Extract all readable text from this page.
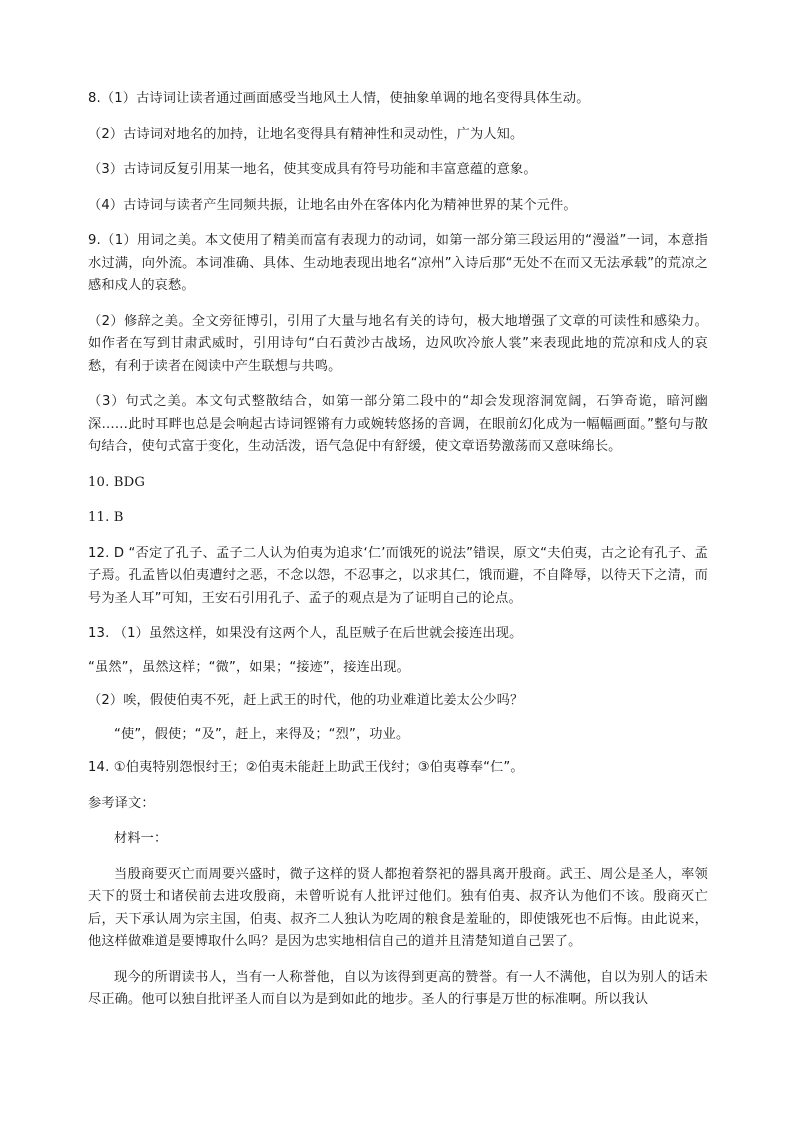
8.（1）古诗词让读者通过画面感受当地风土人情，使抽象单调的地名变得具体生动。

（2）古诗词对地名的加持，让地名变得具有精神性和灵动性，广为人知。

（3）古诗词反复引用某一地名，使其变成具有符号功能和丰富意蕴的意象。

（4）古诗词与读者产生同频共振，让地名由外在客体内化为精神世界的某个元件。

9.（1）用词之美。本文使用了精美而富有表现力的动词，如第一部分第三段运用的“漫溢”一词，本意指水过满，向外流。本词准确、具体、生动地表现出地名“凉州”入诗后那“无处不在而又无法承载”的荒凉之感和戍人的哀愁。

（2）修辞之美。全文旁征博引，引用了大量与地名有关的诗句，极大地增强了文章的可读性和感染力。如作者在写到甘肃武威时，引用诗句“白石黄沙古战场，边风吹冷旅人裳”来表现此地的荒凉和戍人的哀愁，有利于读者在阅读中产生联想与共鸣。

（3）句式之美。本文句式整散结合，如第一部分第二段中的“却会发现溶洞宽阔，石笋奇诡，暗河幽深……此时耳畔也总是会响起古诗词铿锵有力或婉转悠扬的音调，在眼前幻化成为一幅幅画面。”整句与散句结合，使句式富于变化，生动活泼，语气急促中有舒缓，使文章语势激荡而又意味绵长。

10. BDG

11. B

12. D “否定了孔子、孟子二人认为伯夷为追求‘仁’而饿死的说法”错误，原文“夫伯夷，古之论有孔子、孟子焉。孔孟皆以伯夷遭纣之恶，不念以怨，不忍事之，以求其仁，饿而避，不自降辱，以待天下之清，而号为圣人耳”可知，王安石引用孔子、孟子的观点是为了证明自己的论点。

13. （1）虽然这样，如果没有这两个人，乱臣贼子在后世就会接连出现。

“虽然”，虽然这样；“微”，如果；“接迹”，接连出现。

（2）唉，假使伯夷不死，赶上武王的时代，他的功业难道比姜太公少吗？

“使”，假使；“及”，赶上，来得及；“烈”，功业。

14. ①伯夷特别怨恨纣王；②伯夷未能赶上助武王伐纣；③伯夷尊奉“仁”。

参考译文：

材料一：

当殷商要灭亡而周要兴盛时，微子这样的贤人都抱着祭祀的器具离开殷商。武王、周公是圣人，率领天下的贤士和诸侯前去进攻殷商，未曾听说有人批评过他们。独有伯夷、叔齐认为他们不该。殷商灭亡后，天下承认周为宗主国，伯夷、叔齐二人独认为吃周的粮食是羞耻的，即使饿死也不后悔。由此说来，他这样做难道是要博取什么吗？是因为忠实地相信自己的道并且清楚知道自己罢了。

现今的所谓读书人，当有一人称誉他，自以为该得到更高的赞誉。有一人不满他，自以为别人的话未尽正确。他可以独自批评圣人而自以为是到如此的地步。圣人的行事是万世的标准啊。所以我认
